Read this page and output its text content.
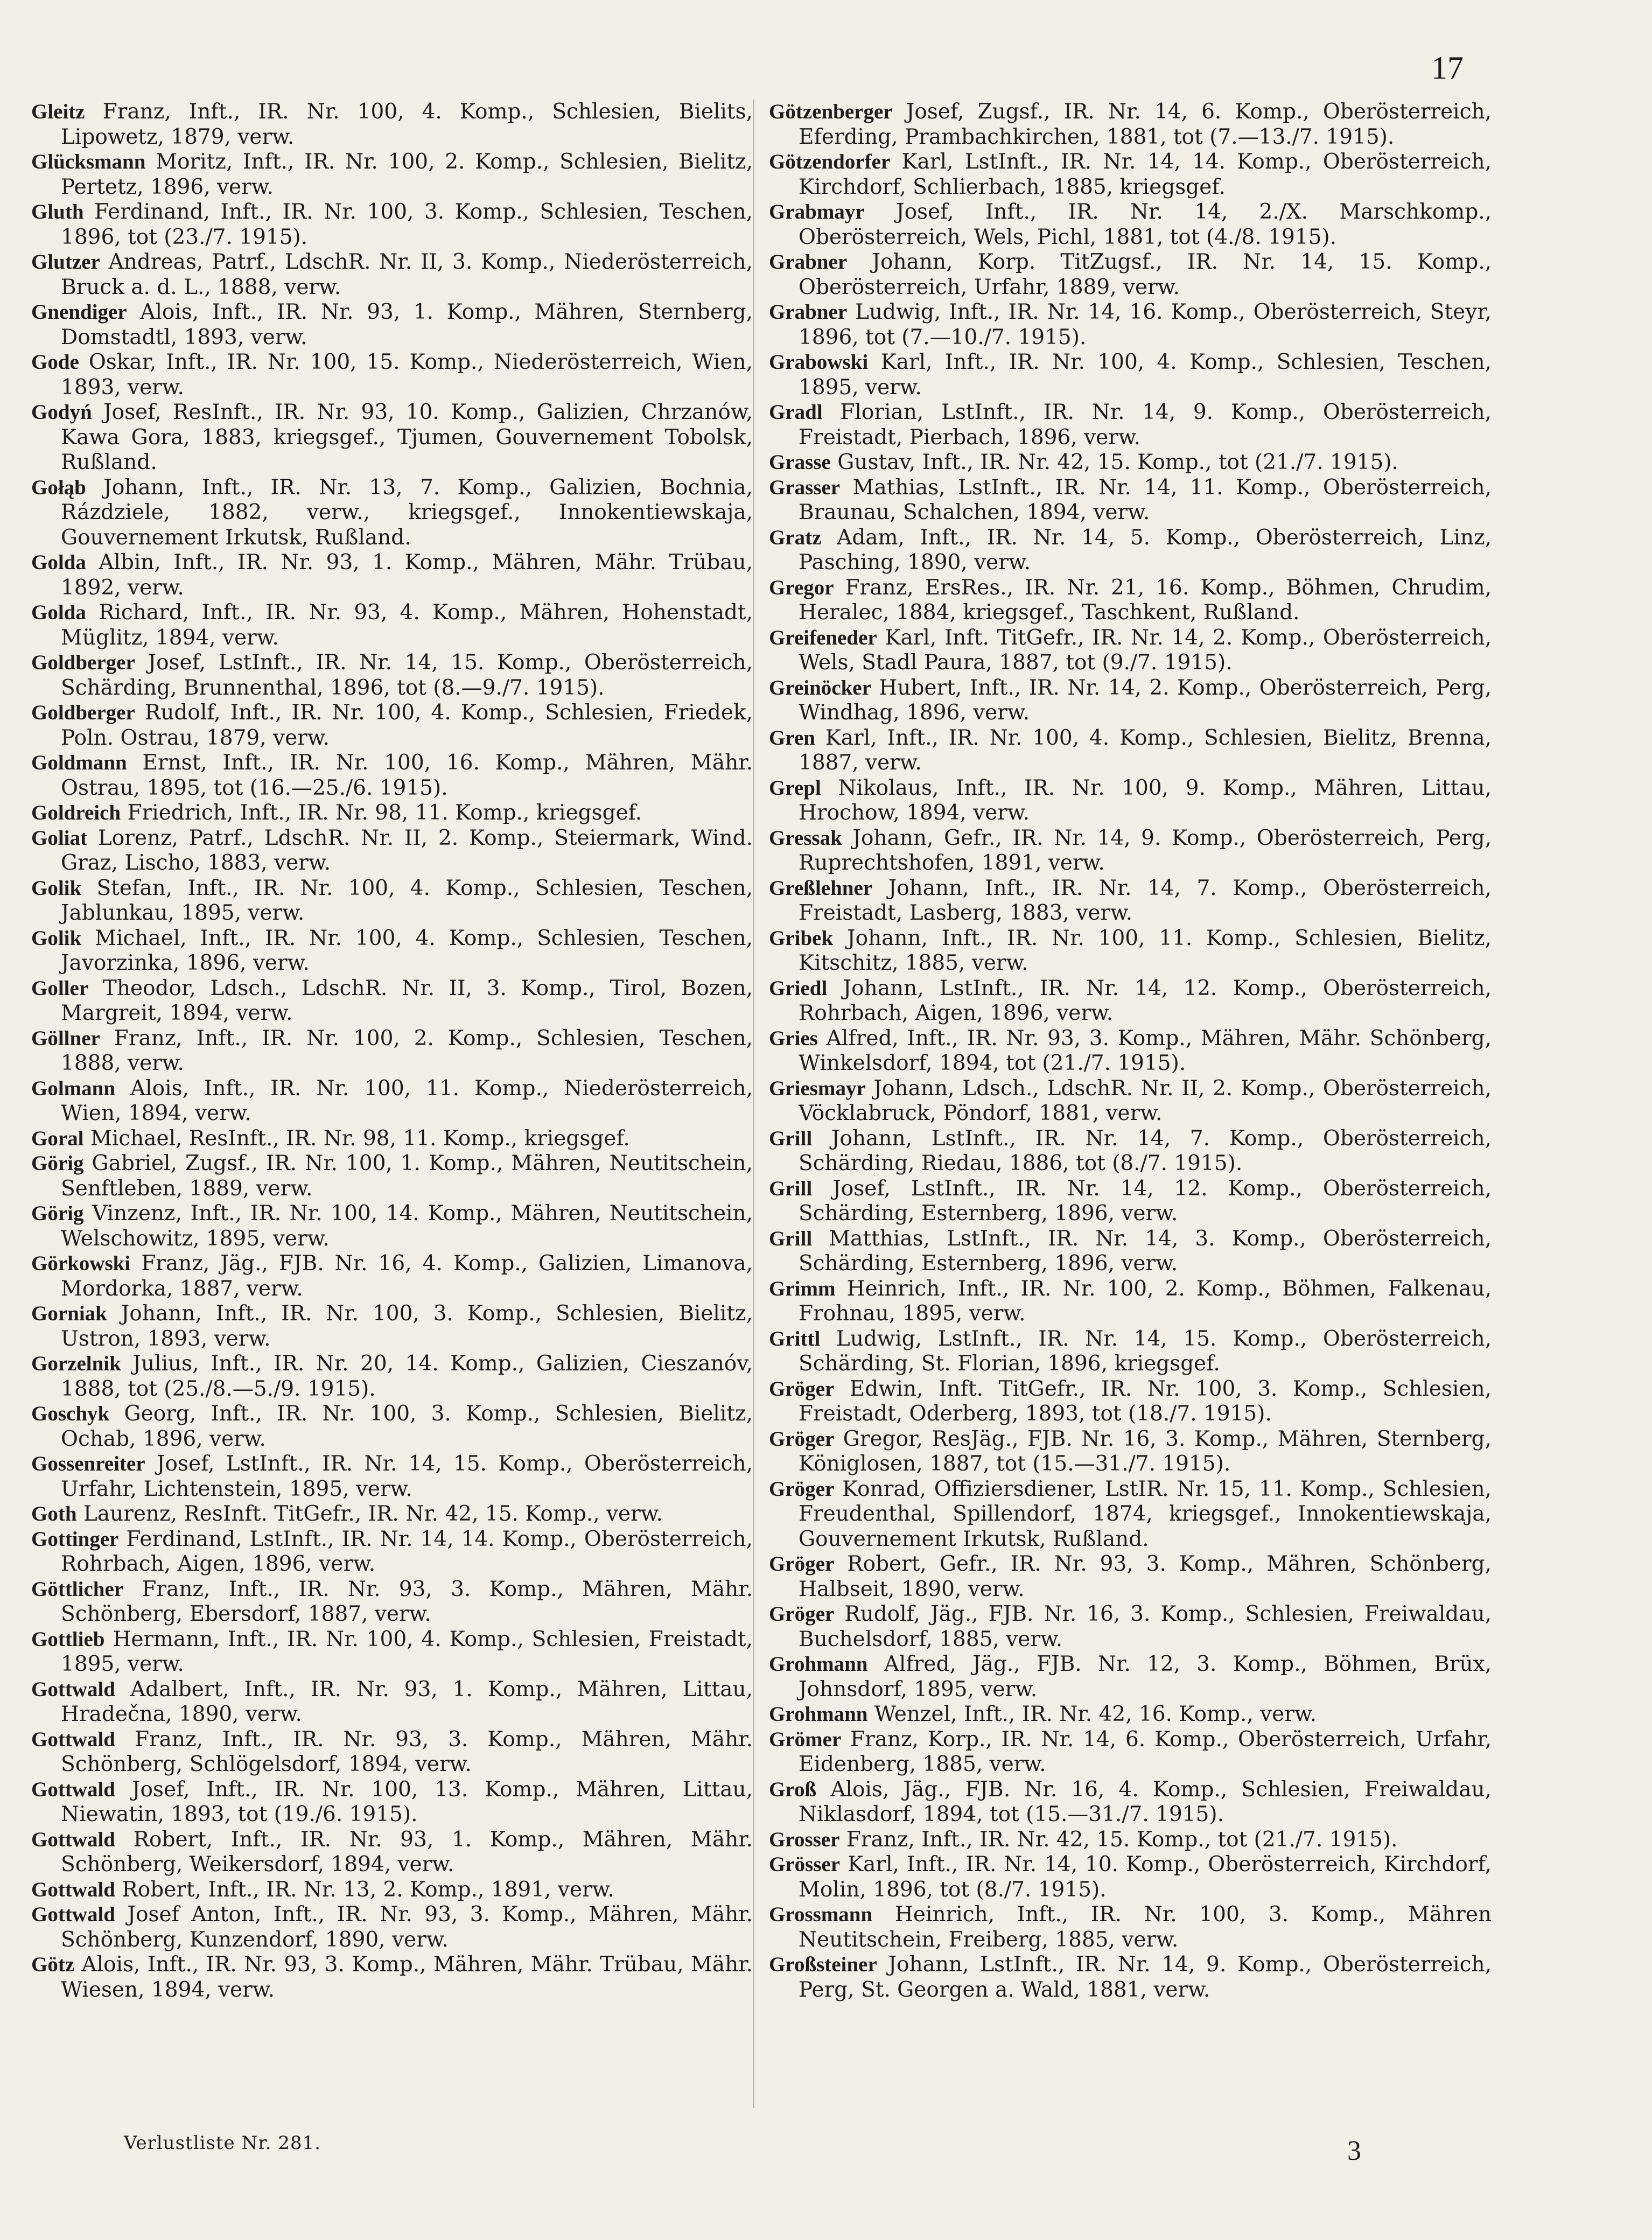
17

Gleitz Franz, Inft., IR. Nr. 100, 4. Komp., Schlesien, Bielits, Lipowetz, 1879, verw.

Glücksmann Moritz, Inft., IR. Nr. 100, 2. Komp., Schlesien, Bielitz, Pertetz, 1896, verw.

Gluth Ferdinand, Inft., IR. Nr. 100, 3. Komp., Schlesien, Teschen, 1896, tot (23./7. 1915).

Glutzer Andreas, Patrf., LdschR. Nr. II, 3. Komp., Niederösterreich, Bruck a. d. L., 1888, verw.

Gnendiger Alois, Inft., IR. Nr. 93, 1. Komp., Mähren, Sternberg, Domstadtl, 1893, verw.

Gode Oskar, Inft., IR. Nr. 100, 15. Komp., Niederösterreich, Wien, 1893, verw.

Godyń Josef, ResInft., IR. Nr. 93, 10. Komp., Galizien, Chrzanów, Kawa Gora, 1883, kriegsgef., Tjumen, Gouvernement Tobolsk, Rußland.

Gołąb Johann, Inft., IR. Nr. 13, 7. Komp., Galizien, Bochnia, Rázdziele, 1882, verw., kriegsgef., Innokentiewskaja, Gouvernement Irkutsk, Rußland.

Golda Albin, Inft., IR. Nr. 93, 1. Komp., Mähren, Mähr. Trübau, 1892, verw.

Golda Richard, Inft., IR. Nr. 93, 4. Komp., Mähren, Hohenstadt, Müglitz, 1894, verw.

Goldberger Josef, LstInft., IR. Nr. 14, 15. Komp., Oberösterreich, Schärding, Brunnenthal, 1896, tot (8.—9./7. 1915).

Goldberger Rudolf, Inft., IR. Nr. 100, 4. Komp., Schlesien, Friedek, Poln. Ostrau, 1879, verw.

Goldmann Ernst, Inft., IR. Nr. 100, 16. Komp., Mähren, Mähr. Ostrau, 1895, tot (16.—25./6. 1915).

Goldreich Friedrich, Inft., IR. Nr. 98, 11. Komp., kriegsgef.

Goliat Lorenz, Patrf., LdschR. Nr. II, 2. Komp., Steiermark, Wind. Graz, Lischo, 1883, verw.

Golik Stefan, Inft., IR. Nr. 100, 4. Komp., Schlesien, Teschen, Jablunkau, 1895, verw.

Golik Michael, Inft., IR. Nr. 100, 4. Komp., Schlesien, Teschen, Javorzinka, 1896, verw.

Goller Theodor, Ldsch., LdschR. Nr. II, 3. Komp., Tirol, Bozen, Margreit, 1894, verw.

Göllner Franz, Inft., IR. Nr. 100, 2. Komp., Schlesien, Teschen, 1888, verw.

Golmann Alois, Inft., IR. Nr. 100, 11. Komp., Niederösterreich, Wien, 1894, verw.

Goral Michael, ResInft., IR. Nr. 98, 11. Komp., kriegsgef.

Görig Gabriel, Zugsf., IR. Nr. 100, 1. Komp., Mähren, Neutitschein, Senftleben, 1889, verw.

Görig Vinzenz, Inft., IR. Nr. 100, 14. Komp., Mähren, Neutitschein, Welschowitz, 1895, verw.

Görkowski Franz, Jäg., FJB. Nr. 16, 4. Komp., Galizien, Limanova, Mordorka, 1887, verw.

Gorniak Johann, Inft., IR. Nr. 100, 3. Komp., Schlesien, Bielitz, Ustron, 1893, verw.

Gorzelnik Julius, Inft., IR. Nr. 20, 14. Komp., Galizien, Cieszanóv, 1888, tot (25./8.—5./9. 1915).

Goschyk Georg, Inft., IR. Nr. 100, 3. Komp., Schlesien, Bielitz, Ochab, 1896, verw.

Gossenreiter Josef, LstInft., IR. Nr. 14, 15. Komp., Oberösterreich, Urfahr, Lichtenstein, 1895, verw.

Goth Laurenz, ResInft. TitGefr., IR. Nr. 42, 15. Komp., verw.

Gottinger Ferdinand, LstInft., IR. Nr. 14, 14. Komp., Oberösterreich, Rohrbach, Aigen, 1896, verw.

Göttlicher Franz, Inft., IR. Nr. 93, 3. Komp., Mähren, Mähr. Schönberg, Ebersdorf, 1887, verw.

Gottlieb Hermann, Inft., IR. Nr. 100, 4. Komp., Schlesien, Freistadt, 1895, verw.

Gottwald Adalbert, Inft., IR. Nr. 93, 1. Komp., Mähren, Littau, Hradečna, 1890, verw.

Gottwald Franz, Inft., IR. Nr. 93, 3. Komp., Mähren, Mähr. Schönberg, Schlögelsdorf, 1894, verw.

Gottwald Josef, Inft., IR. Nr. 100, 13. Komp., Mähren, Littau, Niewatin, 1893, tot (19./6. 1915).

Gottwald Robert, Inft., IR. Nr. 93, 1. Komp., Mähren, Mähr. Schönberg, Weikersdorf, 1894, verw.

Gottwald Robert, Inft., IR. Nr. 13, 2. Komp., 1891, verw.

Gottwald Josef Anton, Inft., IR. Nr. 93, 3. Komp., Mähren, Mähr. Schönberg, Kunzendorf, 1890, verw.

Götz Alois, Inft., IR. Nr. 93, 3. Komp., Mähren, Mähr. Trübau, Mähr. Wiesen, 1894, verw.

Götzenberger Josef, Zugsf., IR. Nr. 14, 6. Komp., Oberösterreich, Eferding, Prambachkirchen, 1881, tot (7.—13./7. 1915).

Götzendorfer Karl, LstInft., IR. Nr. 14, 14. Komp., Oberösterreich, Kirchdorf, Schlierbach, 1885, kriegsgef.

Grabmayr Josef, Inft., IR. Nr. 14, 2./X. Marschkomp., Oberösterreich, Wels, Pichl, 1881, tot (4./8. 1915).

Grabner Johann, Korp. TitZugsf., IR. Nr. 14, 15. Komp., Oberösterreich, Urfahr, 1889, verw.

Grabner Ludwig, Inft., IR. Nr. 14, 16. Komp., Oberösterreich, Steyr, 1896, tot (7.—10./7. 1915).

Grabowski Karl, Inft., IR. Nr. 100, 4. Komp., Schlesien, Teschen, 1895, verw.

Gradl Florian, LstInft., IR. Nr. 14, 9. Komp., Oberösterreich, Freistadt, Pierbach, 1896, verw.

Grasse Gustav, Inft., IR. Nr. 42, 15. Komp., tot (21./7. 1915).

Grasser Mathias, LstInft., IR. Nr. 14, 11. Komp., Oberösterreich, Braunau, Schalchen, 1894, verw.

Gratz Adam, Inft., IR. Nr. 14, 5. Komp., Oberösterreich, Linz, Pasching, 1890, verw.

Gregor Franz, ErsRes., IR. Nr. 21, 16. Komp., Böhmen, Chrudim, Heralec, 1884, kriegsgef., Taschkent, Rußland.

Greifeneder Karl, Inft. TitGefr., IR. Nr. 14, 2. Komp., Oberösterreich, Wels, Stadl Paura, 1887, tot (9./7. 1915).

Greinöcker Hubert, Inft., IR. Nr. 14, 2. Komp., Oberösterreich, Perg, Windhag, 1896, verw.

Gren Karl, Inft., IR. Nr. 100, 4. Komp., Schlesien, Bielitz, Brenna, 1887, verw.

Grepl Nikolaus, Inft., IR. Nr. 100, 9. Komp., Mähren, Littau, Hrochow, 1894, verw.

Gressak Johann, Gefr., IR. Nr. 14, 9. Komp., Oberösterreich, Perg, Ruprechtshofen, 1891, verw.

Greßlehner Johann, Inft., IR. Nr. 14, 7. Komp., Oberösterreich, Freistadt, Lasberg, 1883, verw.

Gribek Johann, Inft., IR. Nr. 100, 11. Komp., Schlesien, Bielitz, Kitschitz, 1885, verw.

Griedl Johann, LstInft., IR. Nr. 14, 12. Komp., Oberösterreich, Rohrbach, Aigen, 1896, verw.

Gries Alfred, Inft., IR. Nr. 93, 3. Komp., Mähren, Mähr. Schönberg, Winkelsdorf, 1894, tot (21./7. 1915).

Griesmayr Johann, Ldsch., LdschR. Nr. II, 2. Komp., Oberösterreich, Vöcklabruck, Pöndorf, 1881, verw.

Grill Johann, LstInft., IR. Nr. 14, 7. Komp., Oberösterreich, Schärding, Riedau, 1886, tot (8./7. 1915).

Grill Josef, LstInft., IR. Nr. 14, 12. Komp., Oberösterreich, Schärding, Esternberg, 1896, verw.

Grill Matthias, LstInft., IR. Nr. 14, 3. Komp., Oberösterreich, Schärding, Esternberg, 1896, verw.

Grimm Heinrich, Inft., IR. Nr. 100, 2. Komp., Böhmen, Falkenau, Frohnau, 1895, verw.

Grittl Ludwig, LstInft., IR. Nr. 14, 15. Komp., Oberösterreich, Schärding, St. Florian, 1896, kriegsgef.

Gröger Edwin, Inft. TitGefr., IR. Nr. 100, 3. Komp., Schlesien, Freistadt, Oderberg, 1893, tot (18./7. 1915).

Gröger Gregor, ResJäg., FJB. Nr. 16, 3. Komp., Mähren, Sternberg, Königlosen, 1887, tot (15.—31./7. 1915).

Gröger Konrad, Offiziersdiener, LstIR. Nr. 15, 11. Komp., Schlesien, Freudenthal, Spillendorf, 1874, kriegsgef., Innokentiewskaja, Gouvernement Irkutsk, Rußland.

Gröger Robert, Gefr., IR. Nr. 93, 3. Komp., Mähren, Schönberg, Halbseit, 1890, verw.

Gröger Rudolf, Jäg., FJB. Nr. 16, 3. Komp., Schlesien, Freiwaldau, Buchelsdorf, 1885, verw.

Grohmann Alfred, Jäg., FJB. Nr. 12, 3. Komp., Böhmen, Brüx, Johnsdorf, 1895, verw.

Grohmann Wenzel, Inft., IR. Nr. 42, 16. Komp., verw.

Grömer Franz, Korp., IR. Nr. 14, 6. Komp., Oberösterreich, Urfahr, Eidenberg, 1885, verw.

Groß Alois, Jäg., FJB. Nr. 16, 4. Komp., Schlesien, Freiwaldau, Niklasdorf, 1894, tot (15.—31./7. 1915).

Grosser Franz, Inft., IR. Nr. 42, 15. Komp., tot (21./7. 1915).

Grösser Karl, Inft., IR. Nr. 14, 10. Komp., Oberösterreich, Kirchdorf, Molin, 1896, tot (8./7. 1915).

Grossmann Heinrich, Inft., IR. Nr. 100, 3. Komp., Mähren Neutitschein, Freiberg, 1885, verw.

Großsteiner Johann, LstInft., IR. Nr. 14, 9. Komp., Oberösterreich, Perg, St. Georgen a. Wald, 1881, verw.

Verlustliste Nr. 281.	3
